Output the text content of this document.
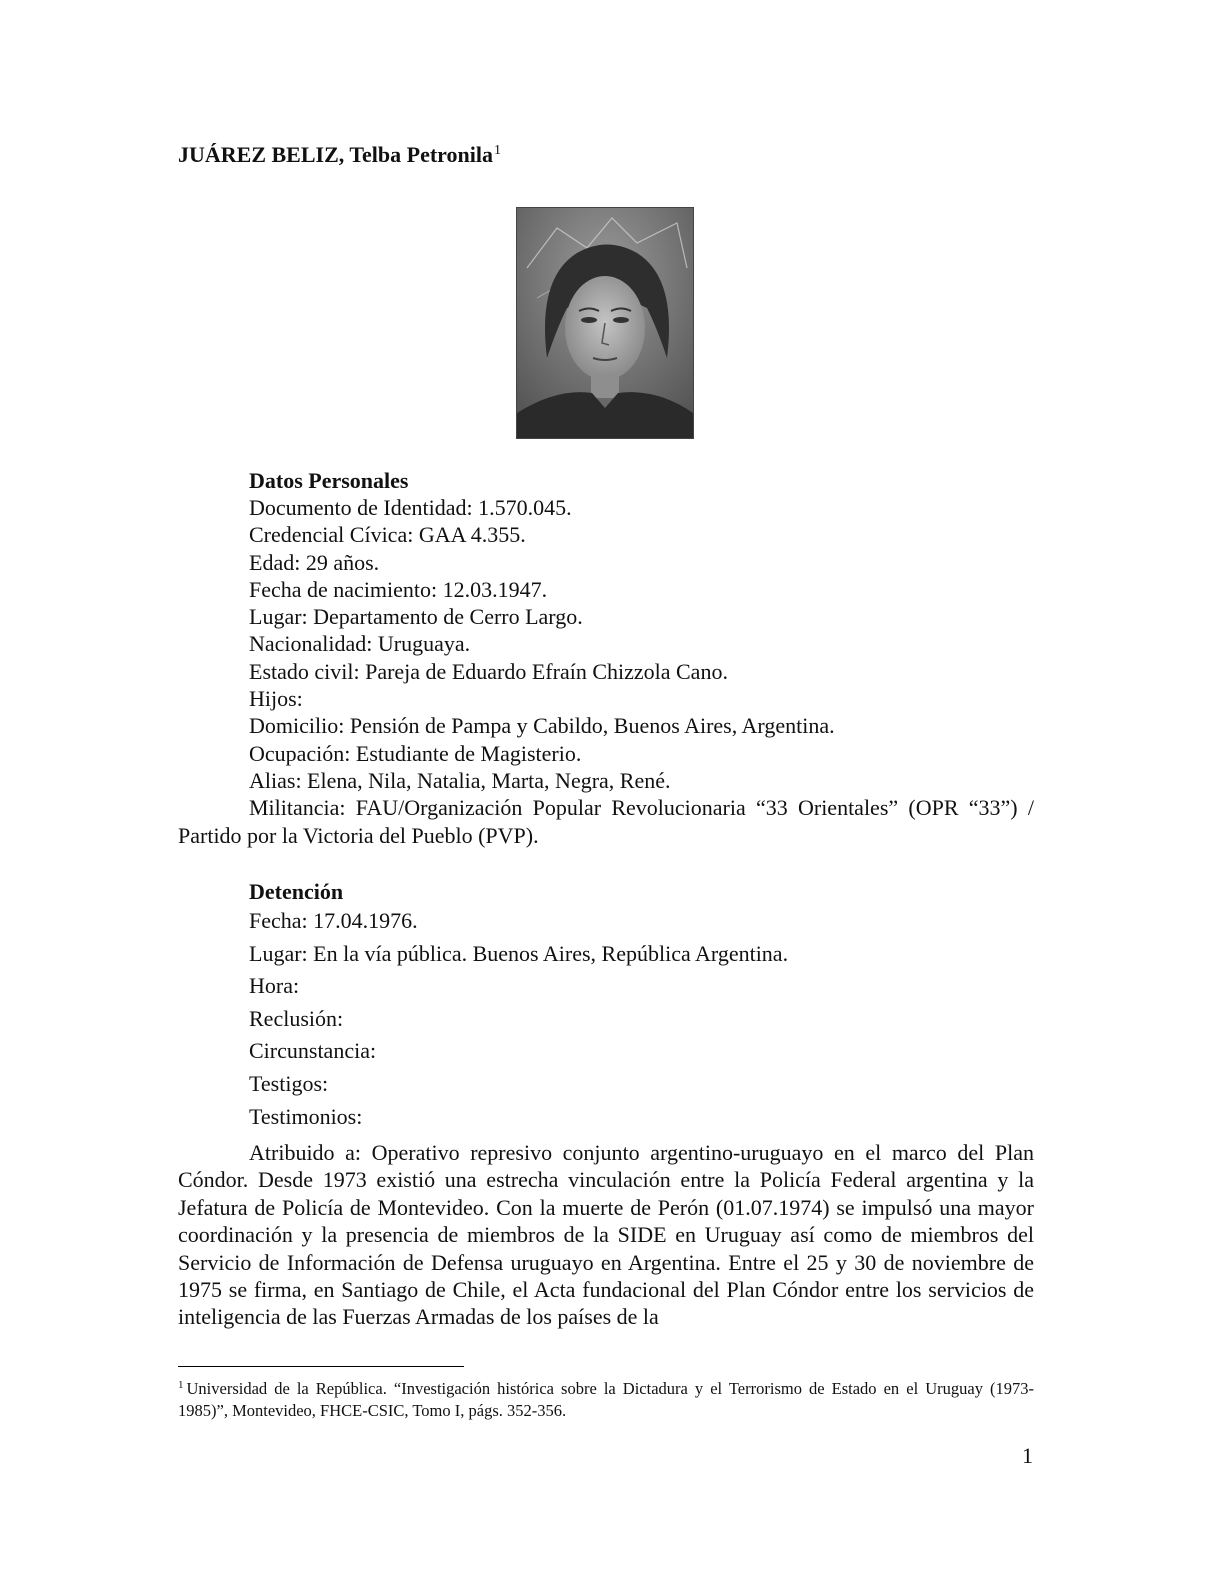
JUÁREZ BELIZ, Telba Petronila$^1$
Datos Personales
Documento de Identidad: 1.570.045.
Credencial Cívica: GAA 4.355.
Edad: 29 años.
Fecha de nacimiento: 12.03.1947.
Lugar: Departamento de Cerro Largo.
Nacionalidad: Uruguaya.
Estado civil: Pareja de Eduardo Efraín Chizzola Cano.
Hijos:
Domicilio: Pensión de Pampa y Cabildo, Buenos Aires, Argentina.
Ocupación: Estudiante de Magisterio.
Alias: Elena, Nila, Natalia, Marta, Negra, René.
Militancia: FAU/Organización Popular Revolucionaria “33 Orientales” (OPR “33”) / Partido por la Victoria del Pueblo (PVP).
Detención
Fecha: 17.04.1976.
Lugar: En la vía pública. Buenos Aires, República Argentina.
Hora:
Reclusión:
Circunstancia:
Testigos:
Testimonios:
Atribuido a: Operativo represivo conjunto argentino-uruguayo en el marco del Plan Cóndor. Desde 1973 existió una estrecha vinculación entre la Policía Federal argentina y la Jefatura de Policía de Montevideo. Con la muerte de Perón (01.07.1974) se impulsó una mayor coordinación y la presencia de miembros de la SIDE en Uruguay así como de miembros del Servicio de Información de Defensa uruguayo en Argentina. Entre el 25 y 30 de noviembre de 1975 se firma, en Santiago de Chile, el Acta fundacional del Plan Cóndor entre los servicios de inteligencia de las Fuerzas Armadas de los países de la
$^1$ Universidad de la República. “Investigación histórica sobre la Dictadura y el Terrorismo de Estado en el Uruguay (1973-1985)”, Montevideo, FHCE-CSIC, Tomo I, págs. 352-356.
1
